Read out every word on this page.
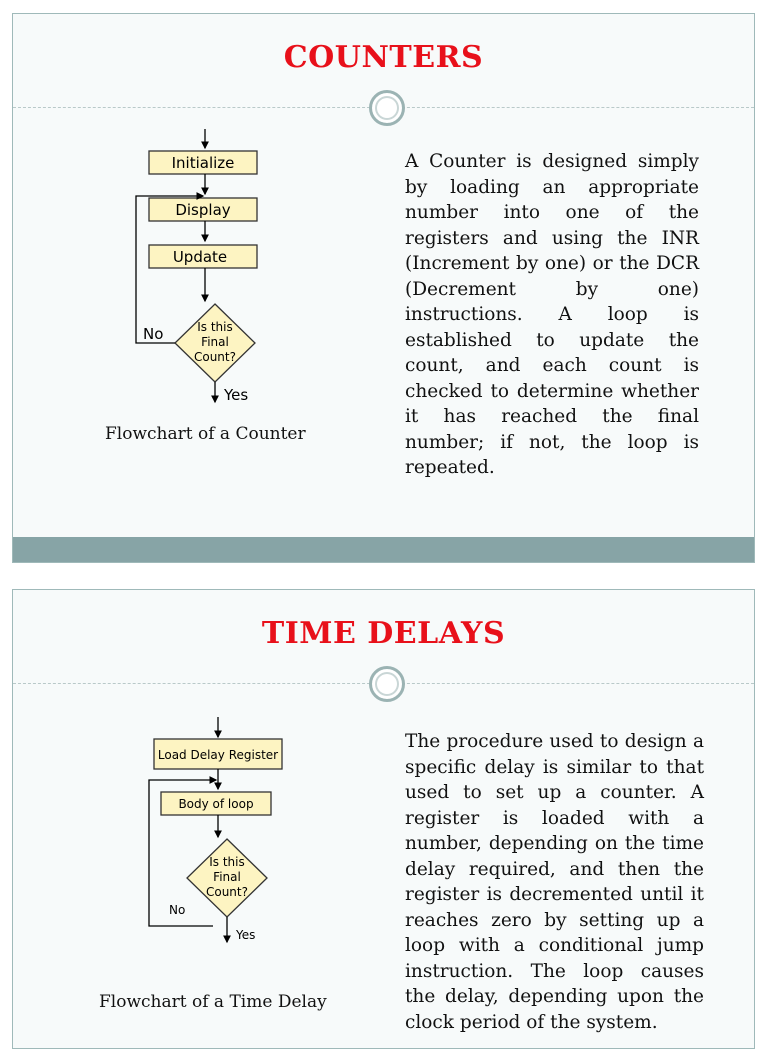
COUNTERS
Initialize
Display
Update
Is this
Final
Count?
No
Yes
Flowchart of a Counter

A Counter is designed simply by loading an appropriate number into one of the registers and using the INR (Increment by one) or the DCR (Decrement by one) instructions. A loop is established to update the count, and each count is checked to determine whether it has reached the final number; if not, the loop is repeated.

TIME DELAYS
Load Delay Register
Body of loop
Is this
Final
Count?
No
Yes
Flowchart of a Time Delay

The procedure used to design a specific delay is similar to that used to set up a counter. A register is loaded with a number, depending on the time delay required, and then the register is decremented until it reaches zero by setting up a loop with a conditional jump instruction. The loop causes the delay, depending upon the clock period of the system.
